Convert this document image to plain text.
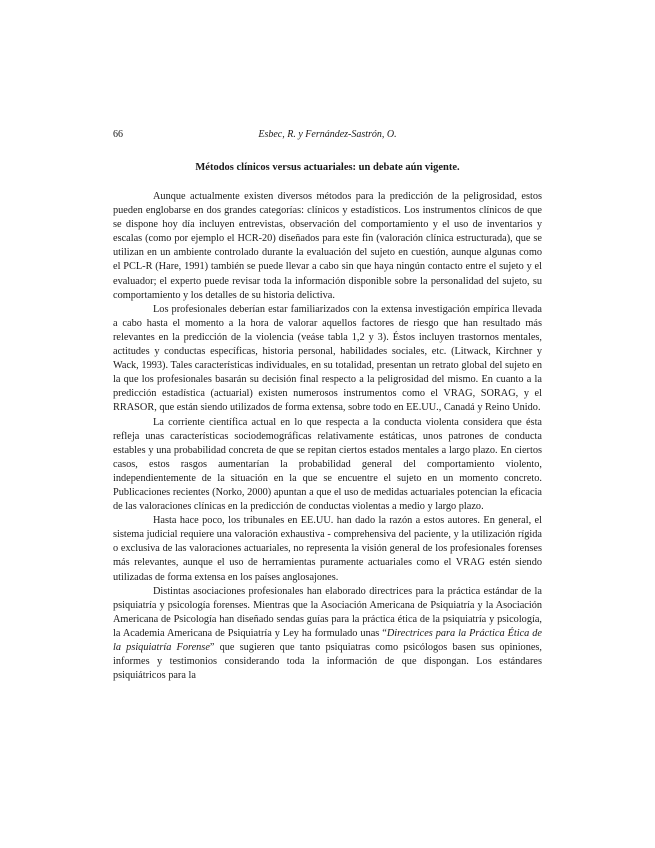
66	Esbec, R. y Fernández-Sastrón, O.
Métodos clínicos versus actuariales: un debate aún vigente.

Aunque actualmente existen diversos métodos para la predicción de la peligrosidad, estos pueden englobarse en dos grandes categorías: clínicos y estadísticos. Los instrumentos clínicos de que se dispone hoy día incluyen entrevistas, observación del comportamiento y el uso de inventarios y escalas (como por ejemplo el HCR-20) diseñados para este fin (valoración clínica estructurada), que se utilizan en un ambiente controlado durante la evaluación del sujeto en cuestión, aunque algunas como el PCL-R (Hare, 1991) también se puede llevar a cabo sin que haya ningún contacto entre el sujeto y el evaluador; el experto puede revisar toda la información disponible sobre la personalidad del sujeto, su comportamiento y los detalles de su historia delictiva.

Los profesionales deberían estar familiarizados con la extensa investigación empírica llevada a cabo hasta el momento a la hora de valorar aquellos factores de riesgo que han resultado más relevantes en la predicción de la violencia (veáse tabla 1,2 y 3). Éstos incluyen trastornos mentales, actitudes y conductas específicas, historia personal, habilidades sociales, etc. (Litwack, Kirchner y Wack, 1993). Tales características individuales, en su totalidad, presentan un retrato global del sujeto en la que los profesionales basarán su decisión final respecto a la peligrosidad del mismo. En cuanto a la predicción estadística (actuarial) existen numerosos instrumentos como el VRAG, SORAG, y el RRASOR, que están siendo utilizados de forma extensa, sobre todo en EE.UU., Canadá y Reino Unido.

La corriente científica actual en lo que respecta a la conducta violenta considera que ésta refleja unas características sociodemográficas relativamente estáticas, unos patrones de conducta estables y una probabilidad concreta de que se repitan ciertos estados mentales a largo plazo. En ciertos casos, estos rasgos aumentarían la probabilidad general del comportamiento violento, independientemente de la situación en la que se encuentre el sujeto en un momento concreto. Publicaciones recientes (Norko, 2000) apuntan a que el uso de medidas actuariales potencian la eficacia de las valoraciones clínicas en la predicción de conductas violentas a medio y largo plazo.

Hasta hace poco, los tribunales en EE.UU. han dado la razón a estos autores. En general, el sistema judicial requiere una valoración exhaustiva - comprehensiva del paciente, y la utilización rígida o exclusiva de las valoraciones actuariales, no representa la visión general de los profesionales forenses más relevantes, aunque el uso de herramientas puramente actuariales como el VRAG estén siendo utilizadas de forma extensa en los países anglosajones.

Distintas asociaciones profesionales han elaborado directrices para la práctica estándar de la psiquiatría y psicología forenses. Mientras que la Asociación Americana de Psiquiatría y la Asociación Americana de Psicología han diseñado sendas guías para la práctica ética de la psiquiatría y psicología, la Academia Americana de Psiquiatría y Ley ha formulado unas “Directrices para la Práctica Ética de la psiquiatría Forense” que sugieren que tanto psiquiatras como psicólogos basen sus opiniones, informes y testimonios considerando toda la información de que dispongan. Los estándares psiquiátricos para la
